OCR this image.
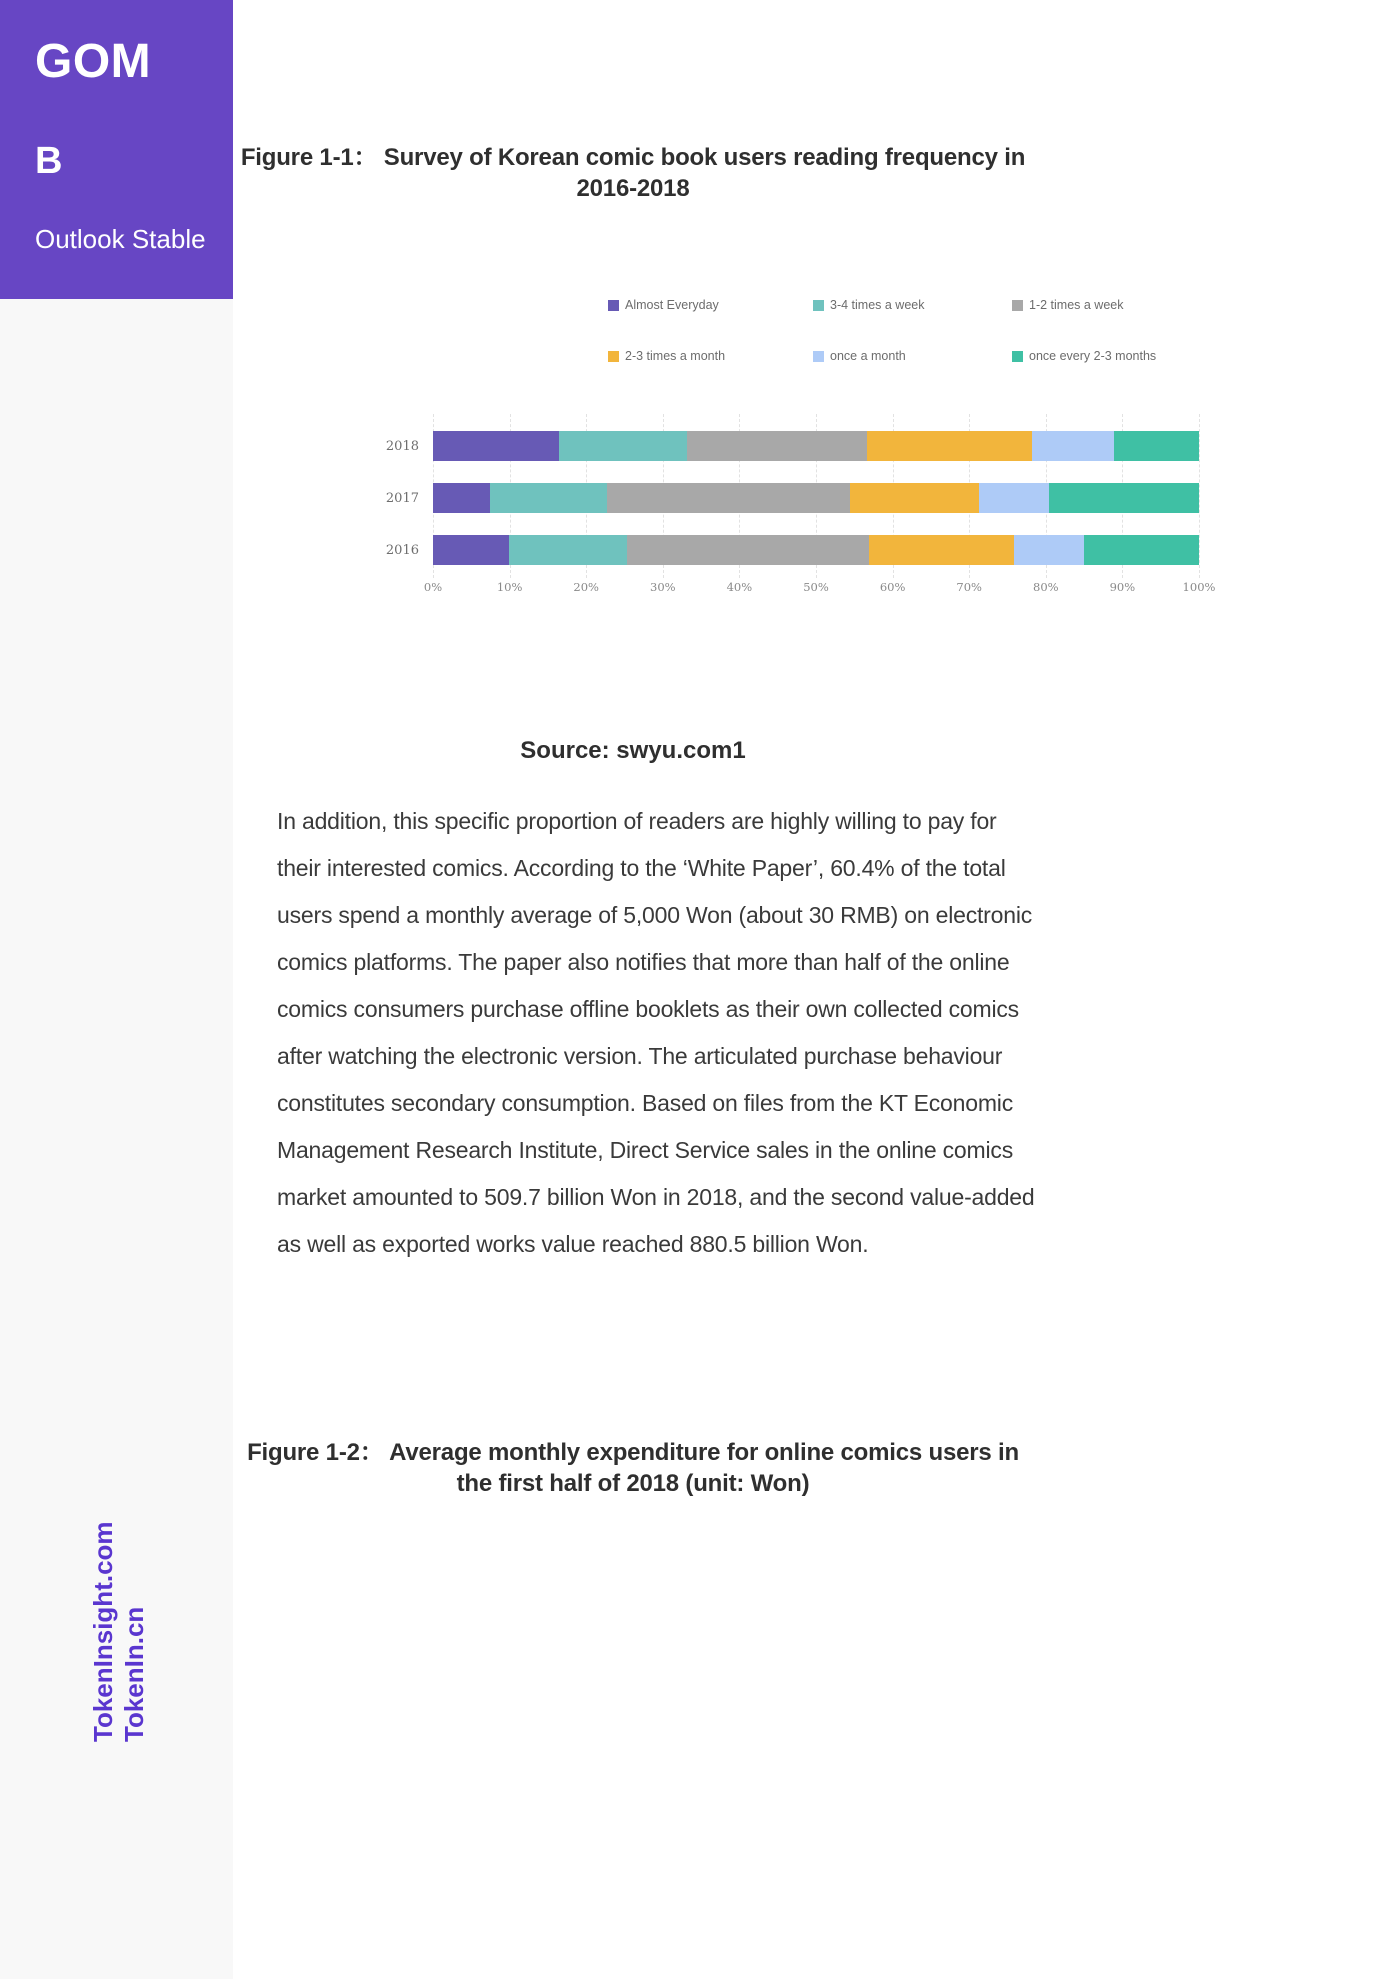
GOM
B
Outlook Stable
TokenInsight.com TokenIn.cn
Figure 1-1： Survey of Korean comic book users reading frequency in 2016-2018
Almost Everyday	3-4 times a week	1-2 times a week
2-3 times a month	once a month	once every 2-3 months
2018
2017
2016
0%	10%	20%	30%	40%	50%	60%	70%	80%	90%	100%
Source: swyu.com1
In addition, this specific proportion of readers are highly willing to pay for their interested comics. According to the ‘White Paper’, 60.4% of the total users spend a monthly average of 5,000 Won (about 30 RMB) on electronic comics platforms. The paper also notifies that more than half of the online comics consumers purchase offline booklets as their own collected comics after watching the electronic version. The articulated purchase behaviour constitutes secondary consumption. Based on files from the KT Economic Management Research Institute, Direct Service sales in the online comics market amounted to 509.7 billion Won in 2018, and the second value-added as well as exported works value reached 880.5 billion Won.
Figure 1-2： Average monthly expenditure for online comics users in the first half of 2018 (unit: Won)
